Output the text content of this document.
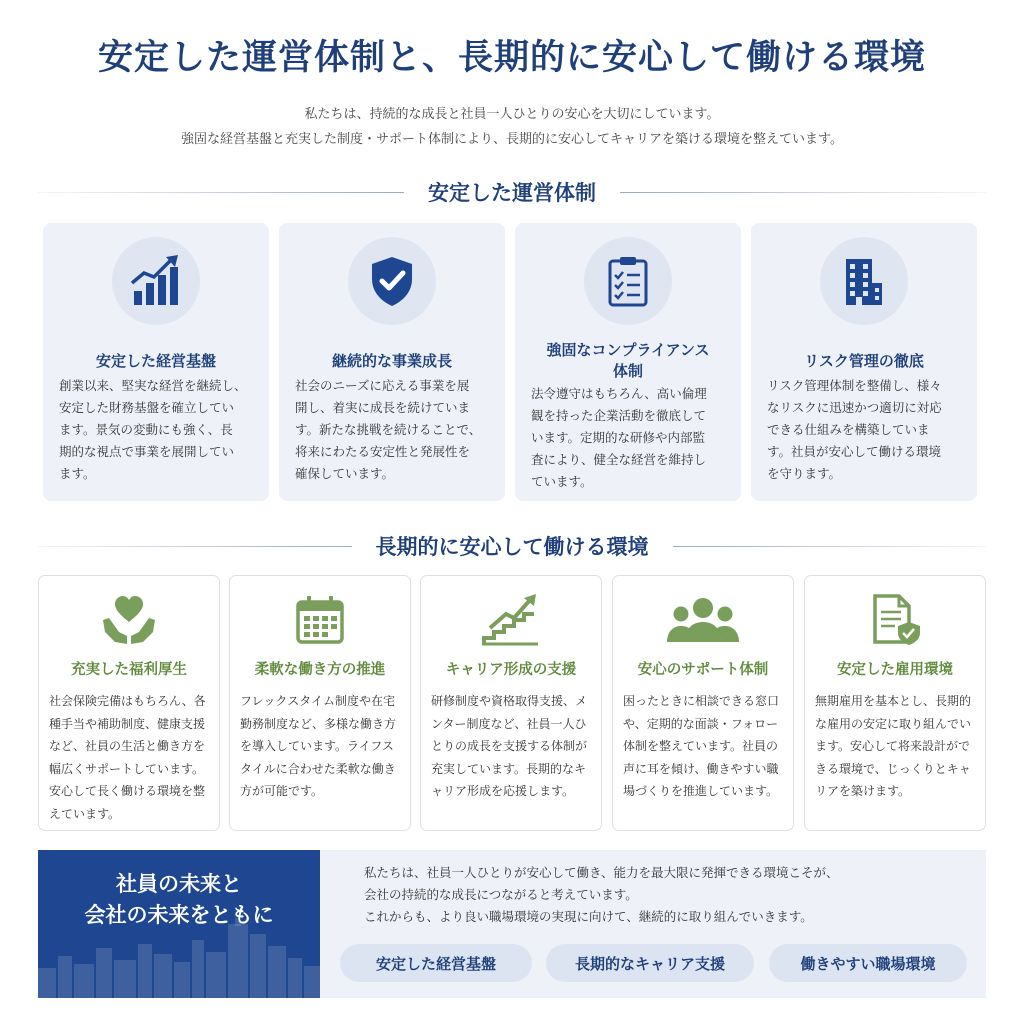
安定した運営体制と、長期的に安心して働ける環境
私たちは、持続的な成長と社員一人ひとりの安心を大切にしています。
強固な経営基盤と充実した制度・サポート体制により、長期的に安心してキャリアを築ける環境を整えています。
安定した運営体制
安定した経営基盤
創業以来、堅実な経営を継続し、
安定した財務基盤を確立してい
ます。景気の変動にも強く、長
期的な視点で事業を展開してい
ます。
継続的な事業成長
社会のニーズに応える事業を展
開し、着実に成長を続けていま
す。新たな挑戦を続けることで、
将来にわたる安定性と発展性を
確保しています。
強固なコンプライアンス体制
法令遵守はもちろん、高い倫理
観を持った企業活動を徹底して
います。定期的な研修や内部監
査により、健全な経営を維持し
ています。
リスク管理の徹底
リスク管理体制を整備し、様々
なリスクに迅速かつ適切に対応
できる仕組みを構築していま
す。社員が安心して働ける環境
を守ります。
長期的に安心して働ける環境
充実した福利厚生
社会保険完備はもちろん、各
種手当や補助制度、健康支援
など、社員の生活と働き方を
幅広くサポートしています。
安心して長く働ける環境を整
えています。
柔軟な働き方の推進
フレックスタイム制度や在宅
勤務制度など、多様な働き方
を導入しています。ライフス
タイルに合わせた柔軟な働き
方が可能です。
キャリア形成の支援
研修制度や資格取得支援、メ
ンター制度など、社員一人ひ
とりの成長を支援する体制が
充実しています。長期的なキ
ャリア形成を応援します。
安心のサポート体制
困ったときに相談できる窓口
や、定期的な面談・フォロー
体制を整えています。社員の
声に耳を傾け、働きやすい職
場づくりを推進しています。
安定した雇用環境
無期雇用を基本とし、長期的
な雇用の安定に取り組んでい
ます。安心して将来設計がで
きる環境で、じっくりとキャ
リアを築けます。
社員の未来と
会社の未来をともに
私たちは、社員一人ひとりが安心して働き、能力を最大限に発揮できる環境こそが、
会社の持続的な成長につながると考えています。
これからも、より良い職場環境の実現に向けて、継続的に取り組んでいきます。
安定した経営基盤	長期的なキャリア支援	働きやすい職場環境
